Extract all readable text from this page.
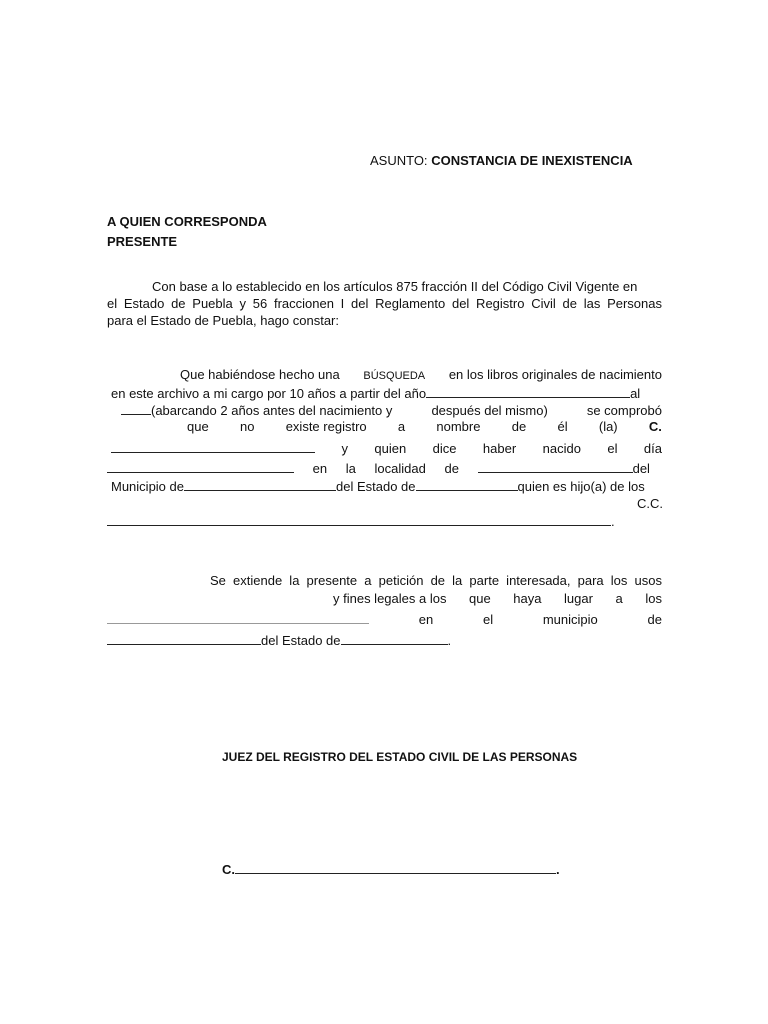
ASUNTO: CONSTANCIA DE INEXISTENCIA
A QUIEN CORRESPONDA
PRESENTE
Con base a lo establecido en los artículos 875 fracción II del Código Civil Vigente en
el Estado de Puebla y 56 fraccionen I del Reglamento del Registro Civil de las Personas
para el Estado de Puebla, hago constar:
Que habiéndose hecho una BÚSQUEDA en los libros originales de nacimiento
en este archivo a mi cargo por 10 años a partir del año	al
(abarcando 2 años antes del nacimiento y	después del mismo)	se comprobó
que no existe registro a nombre de él (la) C.
y quien dice haber nacido el día
en la localidad de	del
Municipio de	del Estado de	quien es hijo(a) de los
C.C.
.
Se extiende la presente a petición de la parte interesada, para los usos
y fines legales a los que haya lugar a los
en	el	municipio	de
del Estado de	.
JUEZ DEL REGISTRO DEL ESTADO CIVIL DE LAS PERSONAS
C.	.
